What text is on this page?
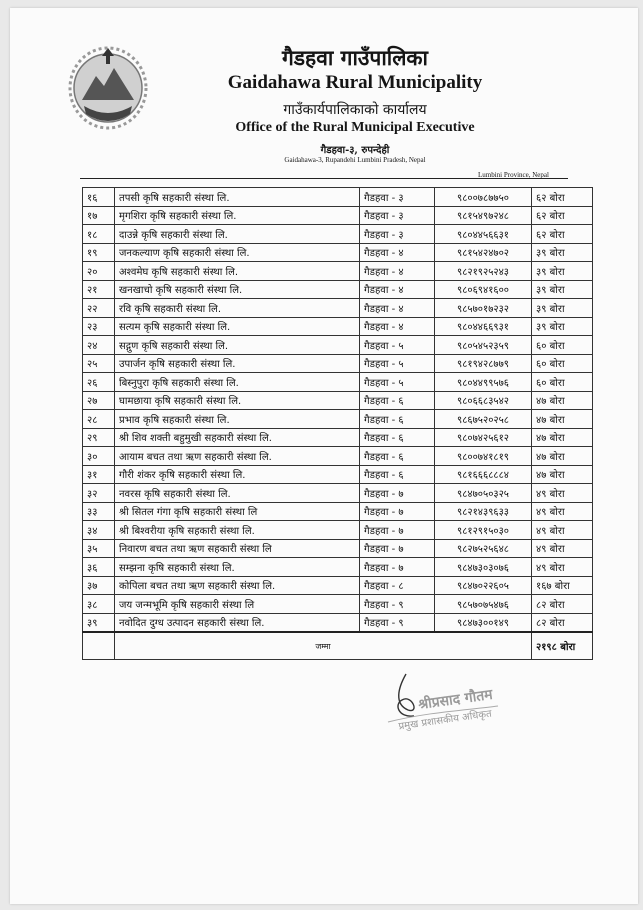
गैडहवा गाउँपालिका
Gaidahawa Rural Municipality
गाउँकार्यपालिकाको कार्यालय
Office of the Rural Municipal Executive
गैडहवा-३, रुपन्देही
Gaidahawa-3, Rupandehi Lumbini Pradesh, Nepal
Lumbini Province, Nepal
१६	तपसी कृषि सहकारी संस्था लि.	गैडहवा - ३	९८००७८७७५०	६२ बोरा
१७	मृगशिरा कृषि सहकारी संस्था लि.	गैडहवा - ३	९८१५४९७२४८	६२ बोरा
१८	दाउन्ने कृषि सहकारी संस्था लि.	गैडहवा - ३	९८०४४५६६३१	६२ बोरा
१९	जनकल्याण कृषि सहकारी संस्था लि.	गैडहवा - ४	९८१५४२४७०२	३९ बोरा
२०	अश्वमेघ कृषि सहकारी संस्था लि.	गैडहवा - ४	९८२१९२५२४३	३९ बोरा
२१	खनखाचो कृषि सहकारी संस्था लि.	गैडहवा - ४	९८०६९४१६००	३९ बोरा
२२	रवि कृषि सहकारी संस्था लि.	गैडहवा - ४	९८५७०१७२३२	३९ बोरा
२३	सत्यम कृषि सहकारी संस्था लि.	गैडहवा - ४	९८०४४६६९३१	३९ बोरा
२४	सद्गुण कृषि सहकारी संस्था लि.	गैडहवा - ५	९८०५४५२३५९	६० बोरा
२५	उपार्जन कृषि सहकारी संस्था लि.	गैडहवा - ५	९८१९४२८७७९	६० बोरा
२६	बिस्नुपुरा कृषि सहकारी संस्था लि.	गैडहवा - ५	९८०४४९९५७६	६० बोरा
२७	घामछाया कृषि सहकारी संस्था लि.	गैडहवा - ६	९८०६६८३५४२	४७ बोरा
२८	प्रभाव कृषि सहकारी संस्था लि.	गैडहवा - ६	९८६७५२०२५८	४७ बोरा
२९	श्री शिव शक्ती बहुमुखी सहकारी संस्था लि.	गैडहवा - ६	९८०७४२५६१२	४७ बोरा
३०	आयाम बचत तथा ऋण सहकारी संस्था लि.	गैडहवा - ६	९८००७४१८१९	४७ बोरा
३१	गौरी शंकर कृषि सहकारी संस्था लि.	गैडहवा - ६	९८१६६६८८८४	४७ बोरा
३२	नवरस कृषि सहकारी संस्था लि.	गैडहवा - ७	९८४७०५०३२५	४९ बोरा
३३	श्री सितल गंगा कृषि सहकारी संस्था लि	गैडहवा - ७	९८२१४३९६३३	४९ बोरा
३४	श्री बिश्वरीया कृषि सहकारी संस्था लि.	गैडहवा - ७	९८१२९१५०३०	४९ बोरा
३५	निवारण बचत तथा ऋण सहकारी संस्था लि	गैडहवा - ७	९८२७५२५६४८	४९ बोरा
३६	सम्झना कृषि सहकारी संस्था लि.	गैडहवा - ७	९८४७३०३०७६	४९ बोरा
३७	कोपिला बचत तथा ऋण सहकारी संस्था लि.	गैडहवा - ८	९८४७०२२६०५	१६७ बोरा
३८	जय जन्मभूमि कृषि सहकारी संस्था लि	गैडहवा - ९	९८५७०७५४७६	८२ बोरा
३९	नवोदित दुग्ध उत्पादन सहकारी संस्था लि.	गैडहवा - ९	९८४७३००१४९	८२ बोरा
	जम्मा			२१९८ बोरा
श्रीप्रसाद गौतम
प्रमुख प्रशासकीय अधिकृत
